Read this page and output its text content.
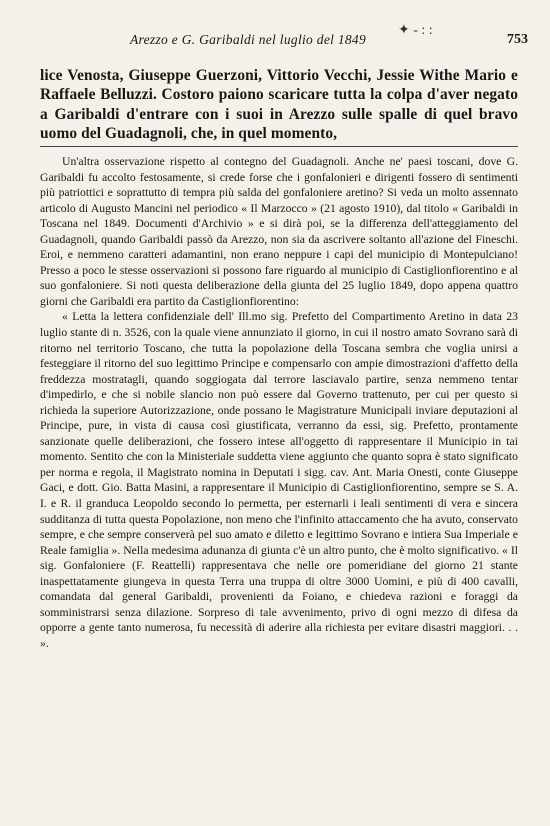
✦ - : :
Arezzo e G. Garibaldi nel luglio del 1849	753

lice Venosta, Giuseppe Guerzoni, Vittorio Vecchi, Jessie Withe Mario e Raffaele Belluzzi. Costoro paiono scaricare tutta la colpa d'aver negato a Garibaldi d'entrare con i suoi in Arezzo sulle spalle di quel bravo uomo del Guadagnoli, che, in quel momento,

Un'altra osservazione rispetto al contegno del Guadagnoli. Anche ne' paesi toscani, dove G. Garibaldi fu accolto festosamente, si crede forse che i gonfalonieri e dirigenti fossero di sentimenti più patriottici e soprattutto di tempra più salda del gonfaloniere aretino? Si veda un molto assennato articolo di Augusto Mancini nel periodico « Il Marzocco » (21 agosto 1910), dal titolo « Garibaldi in Toscana nel 1849. Documenti d'Archivio » e si dirà poi, se la differenza dell'atteggiamento del Guadagnoli, quando Garibaldi passò da Arezzo, non sia da ascrivere soltanto all'azione del Fineschi. Eroi, e nemmeno caratteri adamantini, non erano neppure i capi del municipio di Montepulciano! Presso a poco le stesse osservazioni si possono fare riguardo al municipio di Castiglionfiorentino e al suo gonfaloniere. Si noti questa deliberazione della giunta del 25 luglio 1849, dopo appena quattro giorni che Garibaldi era partito da Castiglionfiorentino:

« Letta la lettera confidenziale dell' Ill.mo sig. Prefetto del Compartimento Aretino in data 23 luglio stante di n. 3526, con la quale viene annunziato il giorno, in cui il nostro amato Sovrano sarà di ritorno nel territorio Toscano, che tutta la popolazione della Toscana sembra che voglia unirsi a festeggiare il ritorno del suo legittimo Principe e compensarlo con ampie dimostrazioni d'affetto della freddezza mostratagli, quando soggiogata dal terrore lasciavalo partire, senza nemmeno tentar d'impedirlo, e che si nobile slancio non può essere dal Governo trattenuto, per cui per questo si richieda la superiore Autorizzazione, onde possano le Magistrature Municipali inviare deputazioni al Principe, pure, in vista di causa così giustificata, verranno da essi, sig. Prefetto, prontamente sanzionate quelle deliberazioni, che fossero intese all'oggetto di rappresentare il Municipio in tai momento. Sentito che con la Ministeriale suddetta viene aggiunto che quanto sopra è stato significato per norma e regola, il Magistrato nomina in Deputati i sigg. cav. Ant. Maria Onesti, conte Giuseppe Gaci, e dott. Gio. Batta Masini, a rappresentare il Municipio di Castiglionfiorentino, sempre se S. A. I. e R. il granduca Leopoldo secondo lo permetta, per esternarli i leali sentimenti di vera e sincera sudditanza di tutta questa Popolazione, non meno che l'infinito attaccamento che ha avuto, conservato sempre, e che sempre conserverà pel suo amato e diletto e legittimo Sovrano e intiera Sua Imperiale e Reale famiglia ». Nella medesima adunanza di giunta c'è un altro punto, che è molto significativo. « Il sig. Gonfaloniere (F. Reattelli) rappresentava che nelle ore pomeridiane del giorno 21 stante inaspettatamente giungeva in questa Terra una truppa di oltre 3000 Uomini, e più di 400 cavalli, comandata dal general Garibaldi, provenienti da Foiano, e chiedeva razioni e foraggi da somministrarsi senza dilazione. Sorpreso di tale avvenimento, privo di ogni mezzo di difesa da opporre a gente tanto numerosa, fu necessità di aderire alla richiesta per evitare disastri maggiori. . . ».
